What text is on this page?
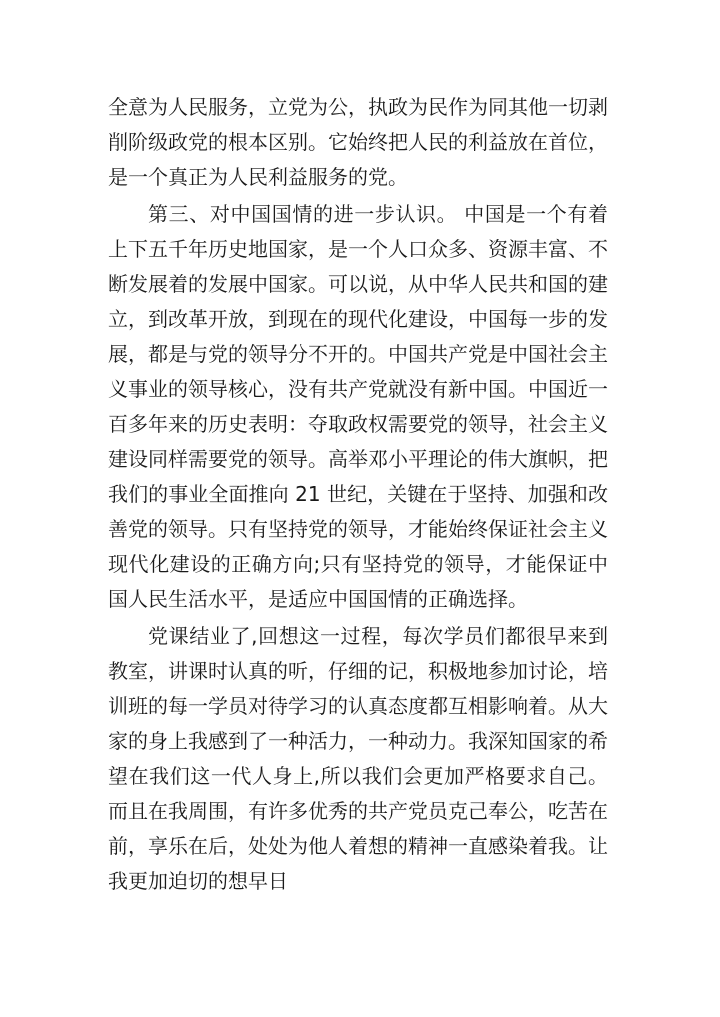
全意为人民服务，立党为公，执政为民作为同其他一切剥削阶级政党的根本区别。它始终把人民的利益放在首位，是一个真正为人民利益服务的党。

第三、对中国国情的进一步认识。 中国是一个有着上下五千年历史地国家，是一个人口众多、资源丰富、不断发展着的发展中国家。可以说，从中华人民共和国的建立，到改革开放，到现在的现代化建设，中国每一步的发展，都是与党的领导分不开的。中国共产党是中国社会主义事业的领导核心，没有共产党就没有新中国。中国近一百多年来的历史表明：夺取政权需要党的领导，社会主义建设同样需要党的领导。高举邓小平理论的伟大旗帜，把我们的事业全面推向 21 世纪，关键在于坚持、加强和改善党的领导。只有坚持党的领导，才能始终保证社会主义现代化建设的正确方向;只有坚持党的领导，才能保证中国人民生活水平，是适应中国国情的正确选择。

党课结业了,回想这一过程，每次学员们都很早来到教室，讲课时认真的听，仔细的记，积极地参加讨论，培训班的每一学员对待学习的认真态度都互相影响着。从大家的身上我感到了一种活力，一种动力。我深知国家的希望在我们这一代人身上,所以我们会更加严格要求自己。而且在我周围，有许多优秀的共产党员克己奉公，吃苦在前，享乐在后，处处为他人着想的精神一直感染着我。让我更加迫切的想早日
